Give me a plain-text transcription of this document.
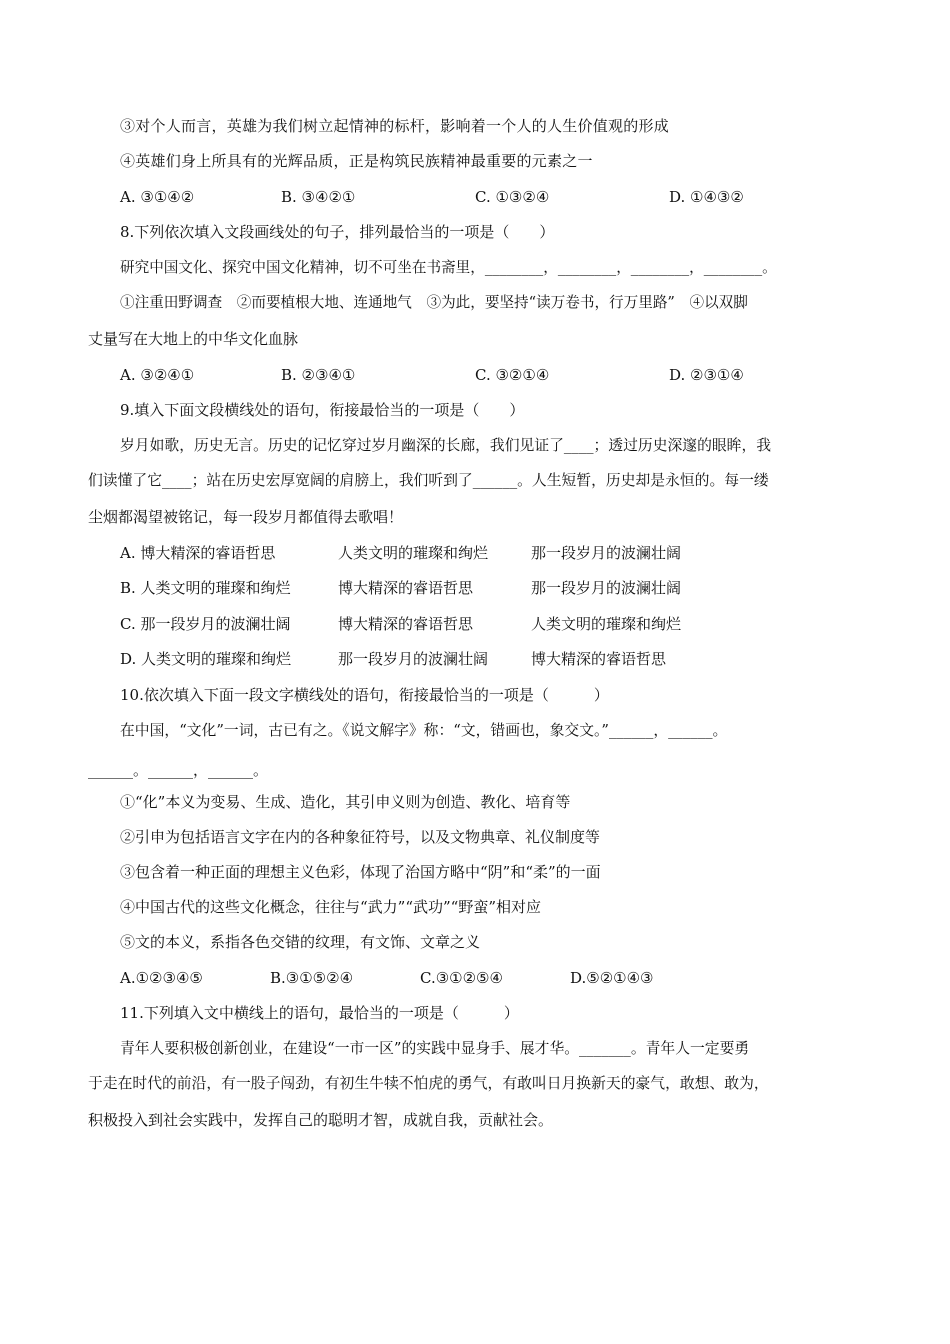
③对个人而言，英雄为我们树立起情神的标杆，影响着一个人的人生价值观的形成
④英雄们身上所具有的光辉品质，正是构筑民族精神最重要的元素之一
A. ③①④②	B. ③④②①	C. ①③②④	D. ①④③②
8.下列依次填入文段画线处的句子，排列最恰当的一项是（　　）
研究中国文化、探究中国文化精神，切不可坐在书斋里，________，________，________，________。
①注重田野调查　②而要植根大地、连通地气　③为此，要坚持“读万卷书，行万里路”　④以双脚
丈量写在大地上的中华文化血脉
A. ③②④①	B. ②③④①	C. ③②①④	D. ②③①④
9.填入下面文段横线处的语句，衔接最恰当的一项是（　　）
岁月如歌，历史无言。历史的记忆穿过岁月幽深的长廊，我们见证了____；透过历史深邃的眼眸，我
们读懂了它____；站在历史宏厚宽阔的肩膀上，我们听到了______。人生短暂，历史却是永恒的。每一缕
尘烟都渴望被铭记，每一段岁月都值得去歌唱！
A. 博大精深的睿语哲思	人类文明的璀璨和绚烂	那一段岁月的波澜壮阔
B. 人类文明的璀璨和绚烂	博大精深的睿语哲思	那一段岁月的波澜壮阔
C. 那一段岁月的波澜壮阔	博大精深的睿语哲思	人类文明的璀璨和绚烂
D. 人类文明的璀璨和绚烂	那一段岁月的波澜壮阔	博大精深的睿语哲思
10.依次填入下面一段文字横线处的语句，衔接最恰当的一项是（　　　）
在中国，“文化”一词，古已有之。《说文解字》称：“文，错画也，象交文。”______，______。
______。______，______。
①“化”本义为变易、生成、造化，其引申义则为创造、教化、培育等
②引申为包括语言文字在内的各种象征符号，以及文物典章、礼仪制度等
③包含着一种正面的理想主义色彩，体现了治国方略中“阴”和“柔”的一面
④中国古代的这些文化概念，往往与“武力”“武功”“野蛮”相对应
⑤文的本义，系指各色交错的纹理，有文饰、文章之义
A.①②③④⑤	B.③①⑤②④	C.③①②⑤④	D.⑤②①④③
11.下列填入文中横线上的语句，最恰当的一项是（　　　）
青年人要积极创新创业，在建设“一市一区”的实践中显身手、展才华。_______。青年人一定要勇
于走在时代的前沿，有一股子闯劲，有初生牛犊不怕虎的勇气，有敢叫日月换新天的豪气，敢想、敢为，
积极投入到社会实践中，发挥自己的聪明才智，成就自我，贡献社会。
